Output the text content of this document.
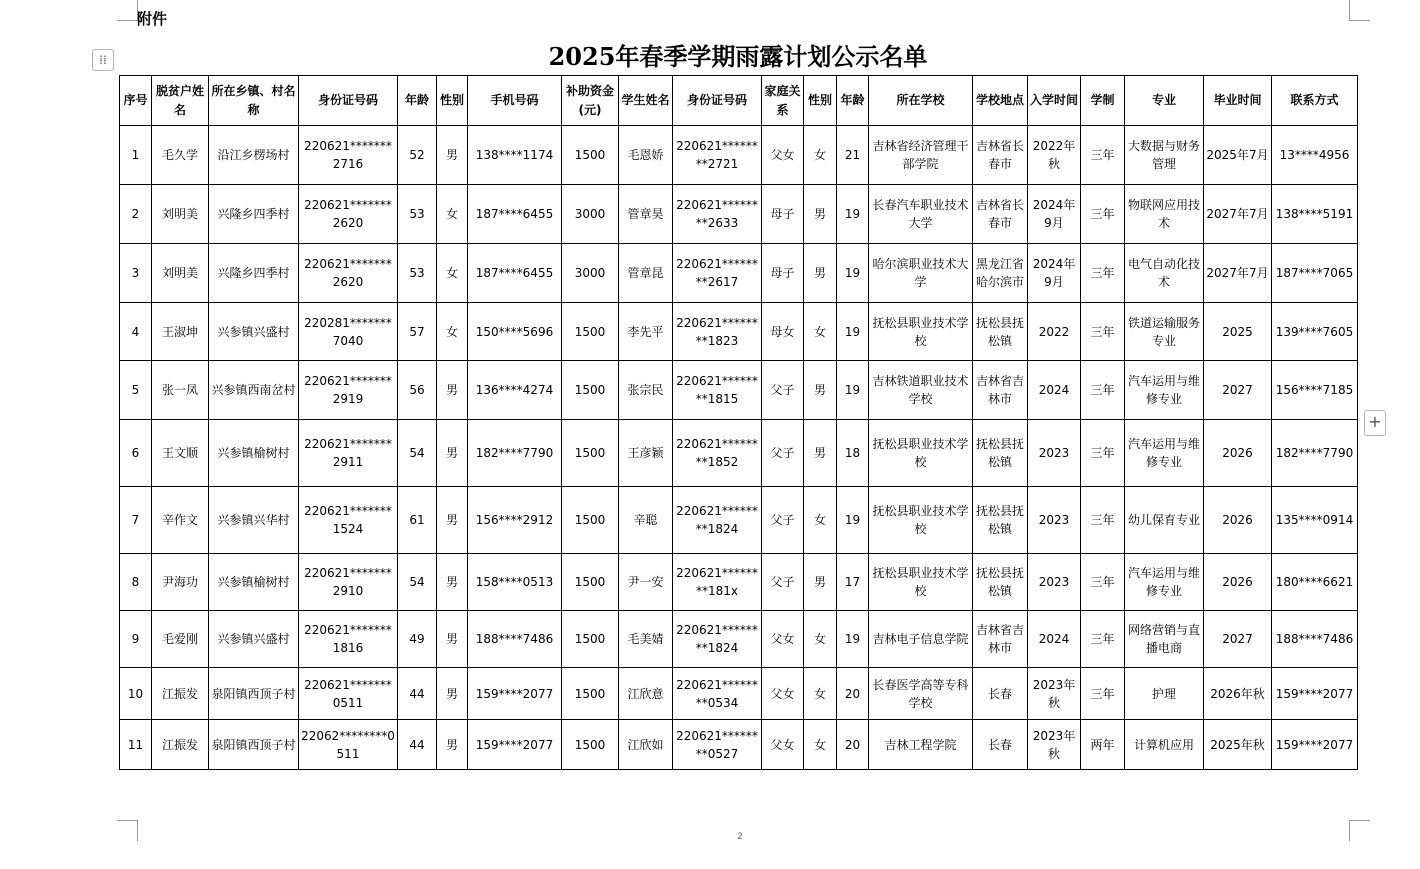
附件
⁞⁞	2025年春季学期雨露计划公示名单
序号	脱贫户姓名	所在乡镇、村名称	身份证号码	年龄	性别	手机号码	补助资金(元)	学生姓名	身份证号码	家庭关系	性别	年龄	所在学校	学校地点	入学时间	学制	专业	毕业时间	联系方式
1	毛久学	沿江乡楞场村	220621*******2716	52	男	138****1174	1500	毛恩娇	220621********2721	父女	女	21	吉林省经济管理干部学院	吉林省长春市	2022年秋	三年	大数据与财务管理	2025年7月	13****4956
2	刘明美	兴隆乡四季村	220621*******2620	53	女	187****6455	3000	管章昊	220621********2633	母子	男	19	长春汽车职业技术大学	吉林省长春市	2024年9月	三年	物联网应用技术	2027年7月	138****5191
3	刘明美	兴隆乡四季村	220621*******2620	53	女	187****6455	3000	管章昆	220621********2617	母子	男	19	哈尔滨职业技术大学	黑龙江省哈尔滨市	2024年9月	三年	电气自动化技术	2027年7月	187****7065
4	王淑坤	兴参镇兴盛村	220281*******7040	57	女	150****5696	1500	李先平	220621********1823	母女	女	19	抚松县职业技术学校	抚松县抚松镇	2022	三年	铁道运输服务专业	2025	139****7605
5	张一凤	兴参镇西南岔村	220621*******2919	56	男	136****4274	1500	张宗民	220621********1815	父子	男	19	吉林铁道职业技术学校	吉林省吉林市	2024	三年	汽车运用与维修专业	2027	156****7185
6	王文顺	兴参镇榆树村	220621*******2911	54	男	182****7790	1500	王彦颖	220621********1852	父子	男	18	抚松县职业技术学校	抚松县抚松镇	2023	三年	汽车运用与维修专业	2026	182****7790
7	辛作文	兴参镇兴华村	220621*******1524	61	男	156****2912	1500	辛聪	220621********1824	父子	女	19	抚松县职业技术学校	抚松县抚松镇	2023	三年	幼儿保育专业	2026	135****0914
8	尹海功	兴参镇榆树村	220621*******2910	54	男	158****0513	1500	尹一安	220621********181x	父子	男	17	抚松县职业技术学校	抚松县抚松镇	2023	三年	汽车运用与维修专业	2026	180****6621
9	毛爱刚	兴参镇兴盛村	220621*******1816	49	男	188****7486	1500	毛美婧	220621********1824	父女	女	19	吉林电子信息学院	吉林省吉林市	2024	三年	网络营销与直播电商	2027	188****7486
10	江振发	泉阳镇西顶子村	220621*******0511	44	男	159****2077	1500	江欣意	220621********0534	父女	女	20	长春医学高等专科学校	长春	2023年秋	三年	护理	2026年秋	159****2077
11	江振发	泉阳镇西顶子村	22062********0511	44	男	159****2077	1500	江欣如	220621********0527	父女	女	20	吉林工程学院	长春	2023年秋	两年	计算机应用	2025年秋	159****2077
+
2
